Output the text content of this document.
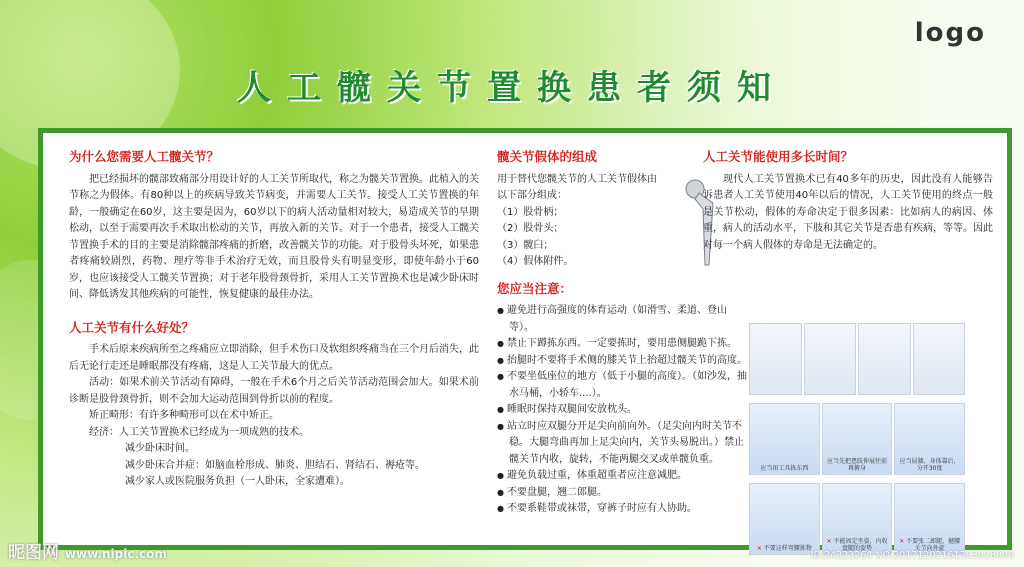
logo
人工髋关节置换患者须知

为什么您需要人工髋关节？

把已经损坏的髋部致痛部分用设计好的人工关节所取代，称之为髋关节置换。此植入的关节称之为假体。有80种以上的疾病导致关节病变，并需要人工关节。接受人工关节置换的年龄，一般确定在60岁，这主要是因为，60岁以下的病人活动量相对较大，易造成关节的早期松动，以至于需要再次手术取出松动的关节，再放入新的关节。对于一个患者，接受人工髋关节置换手术的目的主要是消除髋部疼痛的折磨，改善髋关节的功能。对于股骨头坏死，如果患者疼痛较剧烈，药物、理疗等非手术治疗无效，而且股骨头有明显变形，即使年龄小于60岁，也应该接受人工髋关节置换；对于老年股骨颈骨折，采用人工关节置换术也是减少卧床时间、降低诱发其他疾病的可能性，恢复健康的最佳办法。

人工关节有什么好处？

手术后原来疾病所至之疼痛应立即消除，但手术伤口及软组织疼痛当在三个月后消失，此后无论行走还是睡眠都没有疼痛，这是人工关节最大的优点。

活动：如果术前关节活动有障碍，一般在手术6个月之后关节活动范围会加大。如果术前诊断是股骨颈骨折，则不会加大运动范围到骨折以前的程度。

矫正畸形：有许多种畸形可以在术中矫正。

经济：人工关节置换术已经成为一项成熟的技术。

减少卧床时间。

减少卧床合并症：如脑血栓形成、肺炎、胆结石、肾结石、褥疮等。

减少家人或医院服务负担（一人卧床，全家遭难）。

髋关节假体的组成

用于替代您髋关节的人工关节假体由以下部分组成：

（1）股骨柄；

（2）股骨头；

（3）髋臼；

（4）假体附件。

您应当注意：

● 避免进行高强度的体育运动（如滑雪、柔道、登山等）。

● 禁止下蹲拣东西。一定要拣时，要用患侧腿跪下拣。

● 抬腿时不要将手术侧的膝关节上抬超过髋关节的高度。

● 不要坐低座位的地方（低于小腿的高度）。（如沙发，抽水马桶，小轿车....）。

● 睡眠时保持双腿间安放枕头。

● 站立时应双腿分开足尖向前向外。（足尖向内时关节不稳。大腿弯曲再加上足尖向内，关节头易脱出。）禁止髋关节内收，旋转，不能两腿交叉或单髋负重。

● 避免负载过重，体重超重者应注意减肥。

● 不要盘腿，翘二郎腿。

● 不要系鞋带或袜带，穿裤子时应有人协助。

人工关节能使用多长时间？

现代人工关节置换术已有40多年的历史，因此没有人能够告诉患者人工关节使用40年以后的情况，人工关节使用的终点一般是关节松动，假体的寿命决定于很多因素：比如病人的病因、体重，病人的活动水平，下肢和其它关节是否患有疾病，等等。因此对每一个病人假体的寿命是无法确定的。

应当用工具拣东西
应当先把患肢伸展往前再俯身
应当屈膝，身体靠后，分开30度
✕ 不要这样弯腰拣物
✕ 不能固定坐姿，内收盘腿的姿势
✕ 不要张二郎腿，健腰关节向外旋
昵图网 www.nipic.com	ID:24323264 NO:20171202161303028000
